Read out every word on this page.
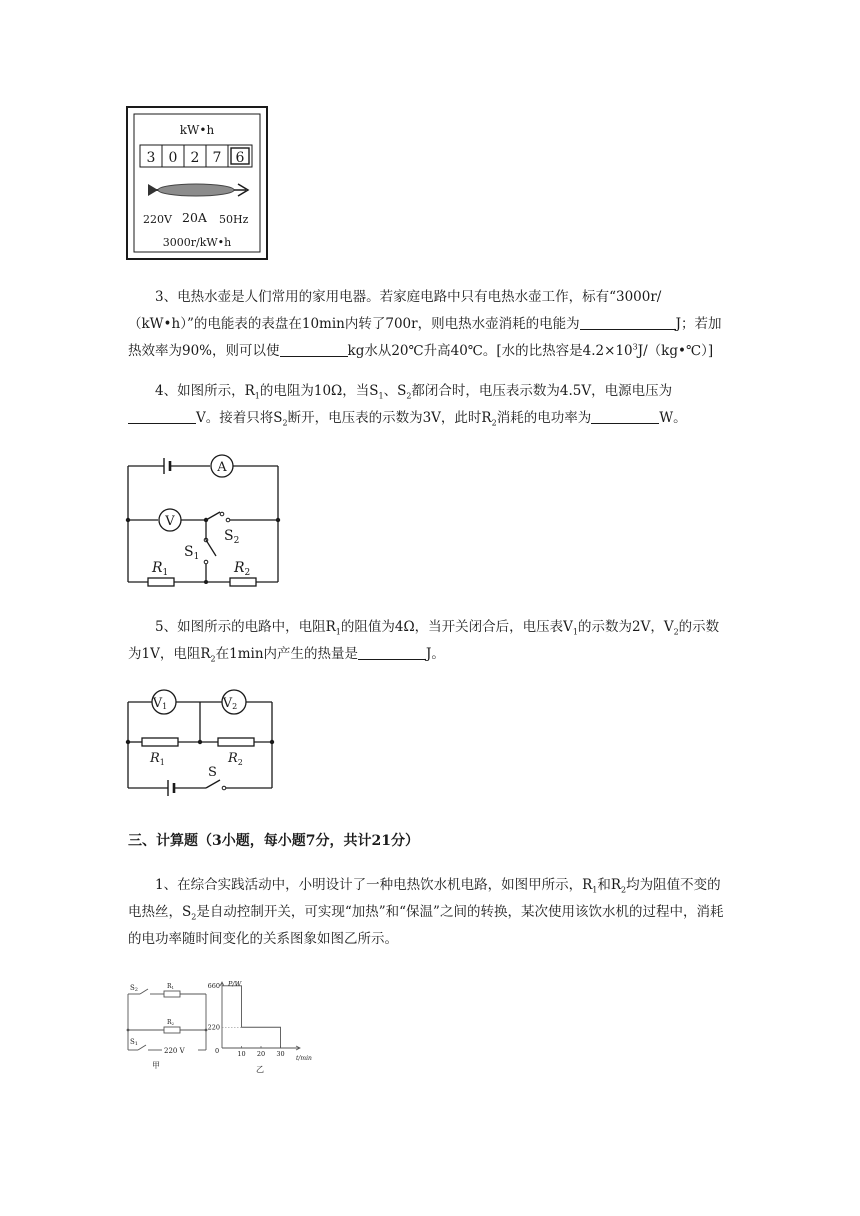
kW•h
3 0 2 7 6
220V 20A 50Hz
3000r/kW•h

3、电热水壶是人们常用的家用电器。若家庭电路中只有电热水壶工作，标有“3000r/（kW•h）”的电能表的表盘在10min内转了700r，则电热水壶消耗的电能为	J；若加热效率为90%，则可以使	kg水从20℃升高40℃。[水的比热容是$4.2\times 10^3J/(kg•℃)$]

4、如图所示，$R_1$的电阻为10Ω，当$S_1$、$S_2$都闭合时，电压表示数为4.5V，电源电压为V。接着只将$S_2$断开，电压表的示数为3V，此时$R_2$消耗的电功率为	W。

A
V
$S_2$
$S_1$
$R_1$	$R_2$

5、如图所示的电路中，电阻$R_1$的阻值为4Ω，当开关闭合后，电压表$V_1$的示数为2V，$V_2$的示数为1V，电阻$R_2$在1min内产生的热量是	J。

V1	V2
$R_1$	$R_2$
S

三、计算题（3小题，每小题7分，共计21分）

1、在综合实践活动中，小明设计了一种电热饮水机电路，如图甲所示，$R_1$和$R_2$均为阻值不变的电热丝，$S_2$是自动控制开关，可实现“加热”和“保温”之间的转换，某次使用该饮水机的过程中，消耗的电功率随时间变化的关系图象如图乙所示。

S2	R1
R2
S1
220 V
甲
660
220
10 20 30
P/W
t/min
0
乙
